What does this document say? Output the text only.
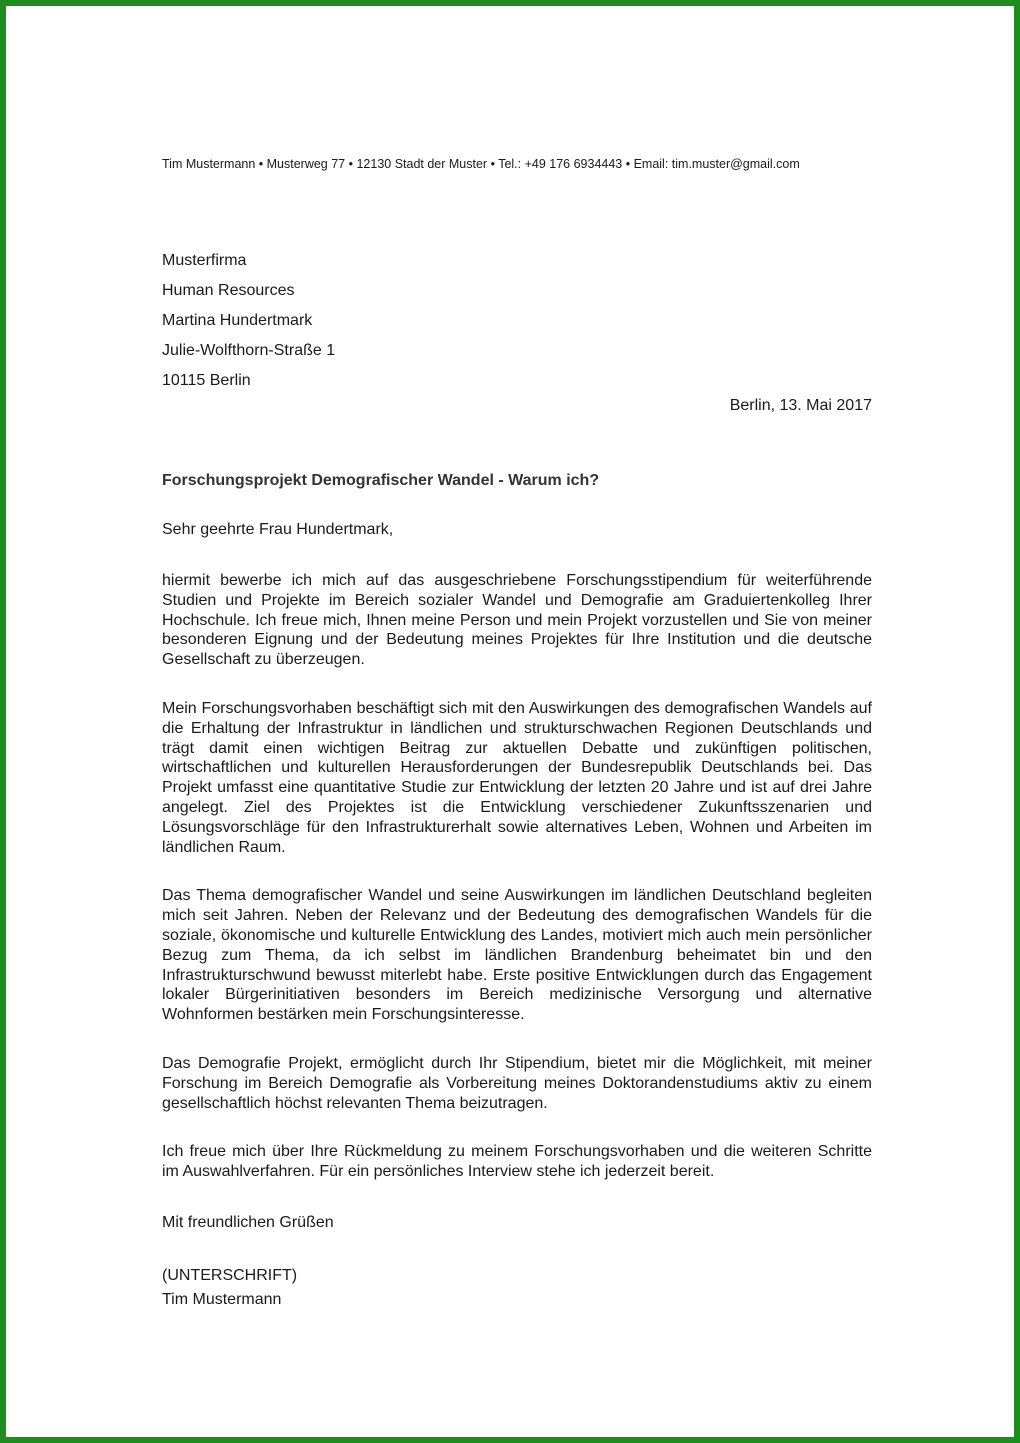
Tim Mustermann • Musterweg 77 • 12130 Stadt der Muster • Tel.: +49 176 6934443 • Email: tim.muster@gmail.com
Musterfirma
Human Resources
Martina Hundertmark
Julie-Wolfthorn-Straße 1
10115 Berlin
Berlin, 13. Mai 2017
Forschungsprojekt Demografischer Wandel - Warum ich?
Sehr geehrte Frau Hundertmark,

hiermit bewerbe ich mich auf das ausgeschriebene Forschungsstipendium für weiterführende Studien und Projekte im Bereich sozialer Wandel und Demografie am Graduiertenkolleg Ihrer Hochschule. Ich freue mich, Ihnen meine Person und mein Projekt vorzustellen und Sie von meiner besonderen Eignung und der Bedeutung meines Projektes für Ihre Institution und die deutsche Gesellschaft zu überzeugen.

Mein Forschungsvorhaben beschäftigt sich mit den Auswirkungen des demografischen Wandels auf die Erhaltung der Infrastruktur in ländlichen und strukturschwachen Regionen Deutschlands und trägt damit einen wichtigen Beitrag zur aktuellen Debatte und zukünftigen politischen, wirtschaftlichen und kulturellen Herausforderungen der Bundesrepublik Deutschlands bei. Das Projekt umfasst eine quantitative Studie zur Entwicklung der letzten 20 Jahre und ist auf drei Jahre angelegt. Ziel des Projektes ist die Entwicklung verschiedener Zukunftsszenarien und Lösungsvorschläge für den Infrastrukturerhalt sowie alternatives Leben, Wohnen und Arbeiten im ländlichen Raum.

Das Thema demografischer Wandel und seine Auswirkungen im ländlichen Deutschland begleiten mich seit Jahren. Neben der Relevanz und der Bedeutung des demografischen Wandels für die soziale, ökonomische und kulturelle Entwicklung des Landes, motiviert mich auch mein persönlicher Bezug zum Thema, da ich selbst im ländlichen Brandenburg beheimatet bin und den Infrastrukturschwund bewusst miterlebt habe. Erste positive Entwicklungen durch das Engagement lokaler Bürgerinitiativen besonders im Bereich medizinische Versorgung und alternative Wohnformen bestärken mein Forschungsinteresse.

Das Demografie Projekt, ermöglicht durch Ihr Stipendium, bietet mir die Möglichkeit, mit meiner Forschung im Bereich Demografie als Vorbereitung meines Doktorandenstudiums aktiv zu einem gesellschaftlich höchst relevanten Thema beizutragen.

Ich freue mich über Ihre Rückmeldung zu meinem Forschungsvorhaben und die weiteren Schritte im Auswahlverfahren. Für ein persönliches Interview stehe ich jederzeit bereit.

Mit freundlichen Grüßen
(UNTERSCHRIFT)
Tim Mustermann
